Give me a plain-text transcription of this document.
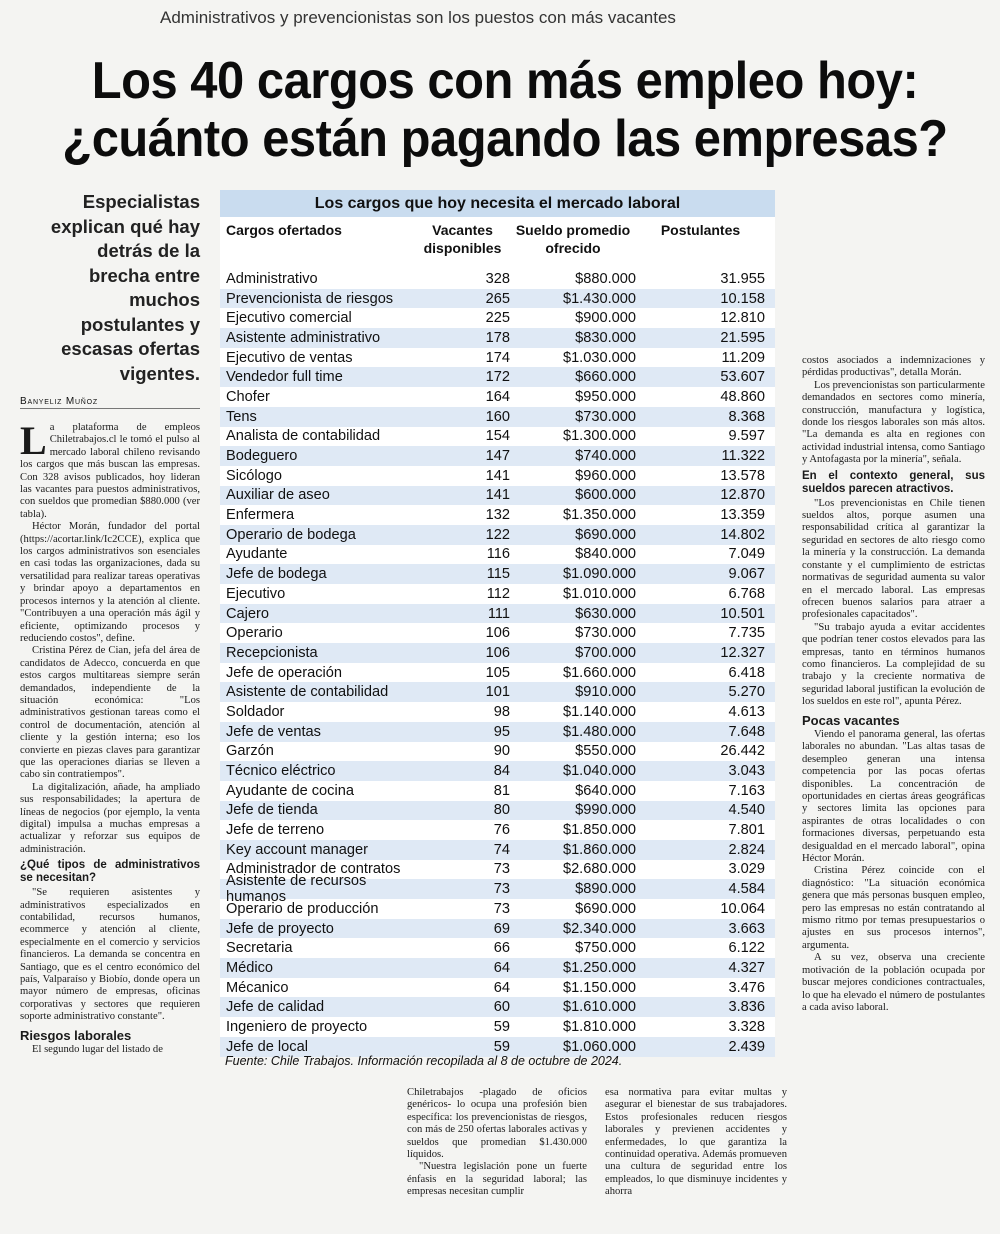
Administrativos y prevencionistas son los puestos con más vacantes
Los 40 cargos con más empleo hoy: ¿cuánto están pagando las empresas?
Especialistas explican qué hay detrás de la brecha entre muchos postulantes y escasas ofertas vigentes.
Banyeliz Muñoz

La plataforma de empleos Chiletrabajos.cl le tomó el pulso al mercado laboral chileno revisando los cargos que más buscan las empresas. Con 328 avisos publicados, hoy lideran las vacantes para puestos administrativos, con sueldos que promedian $880.000 (ver tabla).

Héctor Morán, fundador del portal (https://acortar.link/Ic2CCE), explica que los cargos administrativos son esenciales en casi todas las organizaciones, dada su versatilidad para realizar tareas operativas y brindar apoyo a departamentos en procesos internos y la atención al cliente. "Contribuyen a una operación más ágil y eficiente, optimizando procesos y reduciendo costos", define.

Cristina Pérez de Cian, jefa del área de candidatos de Adecco, concuerda en que estos cargos multitareas siempre serán demandados, independiente de la situación económica: "Los administrativos gestionan tareas como el control de documentación, atención al cliente y la gestión interna; eso los convierte en piezas claves para garantizar que las operaciones diarias se lleven a cabo sin contratiempos".

La digitalización, añade, ha ampliado sus responsabilidades; la apertura de líneas de negocios (por ejemplo, la venta digital) impulsa a muchas empresas a actualizar y reforzar sus equipos de administración.

¿Qué tipos de administrativos se necesitan?

"Se requieren asistentes y administrativos especializados en contabilidad, recursos humanos, ecommerce y atención al cliente, especialmente en el comercio y servicios financieros. La demanda se concentra en Santiago, que es el centro económico del país, Valparaíso y Biobío, donde opera un mayor número de empresas, oficinas corporativas y sectores que requieren soporte administrativo constante".

Riesgos laborales

El segundo lugar del listado de

Los cargos que hoy necesita el mercado laboral
Cargos ofertados	Vacantes disponibles
Sueldo promedio ofrecido
Postulantes
Administrativo	328	$880.000	31.955
Prevencionista de riesgos	265	$1.430.000	10.158
Ejecutivo comercial	225	$900.000	12.810
Asistente administrativo	178	$830.000	21.595
Ejecutivo de ventas	174	$1.030.000	11.209
Vendedor full time	172	$660.000	53.607
Chofer	164	$950.000	48.860
Tens	160	$730.000	8.368
Analista de contabilidad	154	$1.300.000	9.597
Bodeguero	147	$740.000	11.322
Sicólogo	141	$960.000	13.578
Auxiliar de aseo	141	$600.000	12.870
Enfermera	132	$1.350.000	13.359
Operario de bodega	122	$690.000	14.802
Ayudante	116	$840.000	7.049
Jefe de bodega	115	$1.090.000	9.067
Ejecutivo	112	$1.010.000	6.768
Cajero	111	$630.000	10.501
Operario	106	$730.000	7.735
Recepcionista	106	$700.000	12.327
Jefe de operación	105	$1.660.000	6.418
Asistente de contabilidad	101	$910.000	5.270
Soldador	98	$1.140.000	4.613
Jefe de ventas	95	$1.480.000	7.648
Garzón	90	$550.000	26.442
Técnico eléctrico	84	$1.040.000	3.043
Ayudante de cocina	81	$640.000	7.163
Jefe de tienda	80	$990.000	4.540
Jefe de terreno	76	$1.850.000	7.801
Key account manager	74	$1.860.000	2.824
Administrador de contratos	73	$2.680.000	3.029
Asistente de recursos humanos	73	$890.000	4.584
Operario de producción	73	$690.000	10.064
Jefe de proyecto	69	$2.340.000	3.663
Secretaria	66	$750.000	6.122
Médico	64	$1.250.000	4.327
Mécanico	64	$1.150.000	3.476
Jefe de calidad	60	$1.610.000	3.836
Ingeniero de proyecto	59	$1.810.000	3.328
Jefe de local	59	$1.060.000	2.439
Fuente: Chile Trabajos. Información recopilada al 8 de octubre de 2024.

Chiletrabajos -plagado de oficios genéricos- lo ocupa una profesión bien específica: los prevencionistas de riesgos, con más de 250 ofertas laborales activas y sueldos que promedian $1.430.000 líquidos.

"Nuestra legislación pone un fuerte énfasis en la seguridad laboral; las empresas necesitan cumplir

esa normativa para evitar multas y asegurar el bienestar de sus trabajadores. Estos profesionales reducen riesgos laborales y previenen accidentes y enfermedades, lo que garantiza la continuidad operativa. Además promueven una cultura de seguridad entre los empleados, lo que disminuye incidentes y ahorra

costos asociados a indemnizaciones y pérdidas productivas", detalla Morán.

Los prevencionistas son particularmente demandados en sectores como minería, construcción, manufactura y logística, donde los riesgos laborales son más altos. "La demanda es alta en regiones con actividad industrial intensa, como Santiago y Antofagasta por la minería", señala.

En el contexto general, sus sueldos parecen atractivos.

"Los prevencionistas en Chile tienen sueldos altos, porque asumen una responsabilidad crítica al garantizar la seguridad en sectores de alto riesgo como la minería y la construcción. La demanda constante y el cumplimiento de estrictas normativas de seguridad aumenta su valor en el mercado laboral. Las empresas ofrecen buenos salarios para atraer a profesionales capacitados".

"Su trabajo ayuda a evitar accidentes que podrían tener costos elevados para las empresas, tanto en términos humanos como financieros. La complejidad de su trabajo y la creciente normativa de seguridad laboral justifican la evolución de los sueldos en este rol", apunta Pérez.

Pocas vacantes

Viendo el panorama general, las ofertas laborales no abundan. "Las altas tasas de desempleo generan una intensa competencia por las pocas ofertas disponibles. La concentración de oportunidades en ciertas áreas geográficas y sectores limita las opciones para aspirantes de otras localidades o con formaciones diversas, perpetuando esta desigualdad en el mercado laboral", opina Héctor Morán.

Cristina Pérez coincide con el diagnóstico: "La situación económica genera que más personas busquen empleo, pero las empresas no están contratando al mismo ritmo por temas presupuestarios o ajustes en sus procesos internos", argumenta.

A su vez, observa una creciente motivación de la población ocupada por buscar mejores condiciones contractuales, lo que ha elevado el número de postulantes a cada aviso laboral.
